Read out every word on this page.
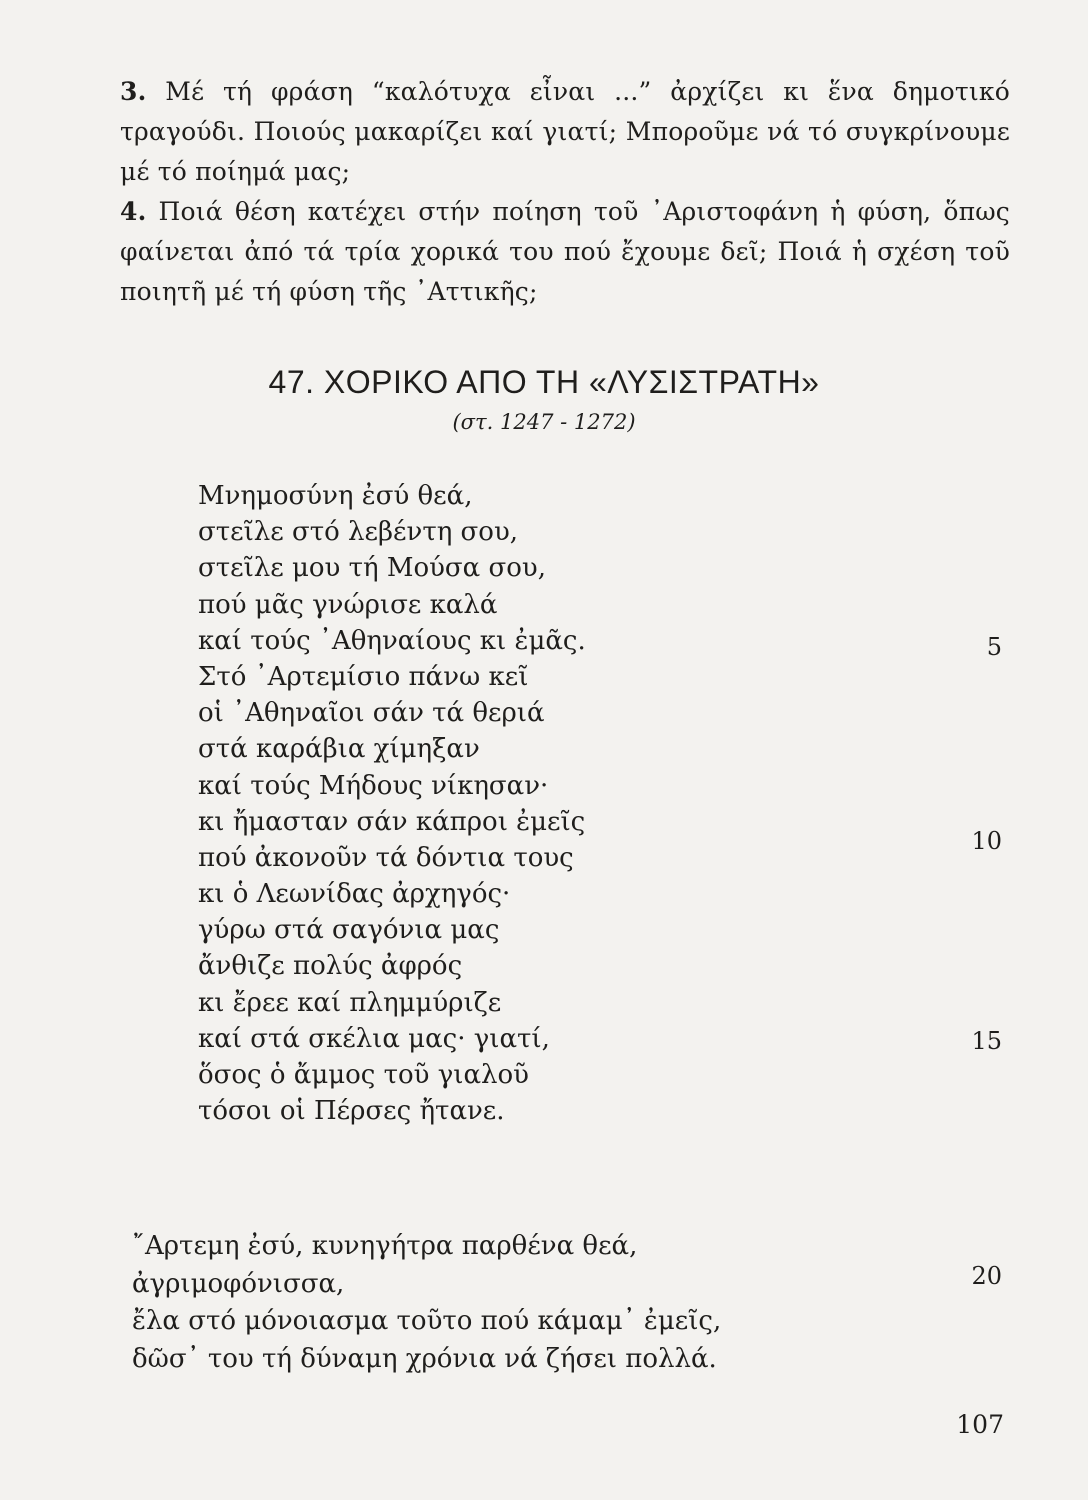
3. Μέ τή φράση “καλότυχα εἶναι ...” ἀρχίζει κι ἕνα δημοτικό τραγούδι. Ποιούς μακαρίζει καί γιατί; Μποροῦμε νά τό συγκρίνουμε μέ τό ποίημά μας;

4. Ποιά θέση κατέχει στήν ποίηση τοῦ ᾿Αριστοφάνη ἡ φύση, ὅπως φαίνεται ἀπό τά τρία χορικά του πού ἔχουμε δεῖ; Ποιά ἡ σχέση τοῦ ποιητῆ μέ τή φύση τῆς ᾿Αττικῆς;

47. ΧΟΡΙΚΟ ΑΠΟ ΤΗ «ΛΥΣΙΣΤΡΑΤΗ»
(στ. 1247 - 1272)
Μνημοσύνη ἐσύ θεά,
στεῖλε στό λεβέντη σου,
στεῖλε μου τή Μούσα σου,
πού μᾶς γνώρισε καλά
καί τούς ᾿Αθηναίους κι ἐμᾶς.
Στό ᾿Αρτεμίσιο πάνω κεῖ
οἱ ᾿Αθηναῖοι σάν τά θεριά
στά καράβια χίμηξαν
καί τούς Μήδους νίκησαν·
κι ἤμασταν σάν κάπροι ἐμεῖς
πού ἀκονοῦν τά δόντια τους
κι ὁ Λεωνίδας ἀρχηγός·
γύρω στά σαγόνια μας
ἄνθιζε πολύς ἀφρός
κι ἔρεε καί πλημμύριζε
καί στά σκέλια μας· γιατί,
ὅσος ὁ ἄμμος τοῦ γιαλοῦ
τόσοι οἱ Πέρσες ἤτανε.
῎Αρτεμη ἐσύ, κυνηγήτρα παρθένα θεά,
ἀγριμοφόνισσα,
ἔλα στό μόνοιασμα τοῦτο πού κάμαμ᾿ ἐμεῖς,
δῶσ᾿ του τή δύναμη χρόνια νά ζήσει πολλά.
5
10
15
20
107
